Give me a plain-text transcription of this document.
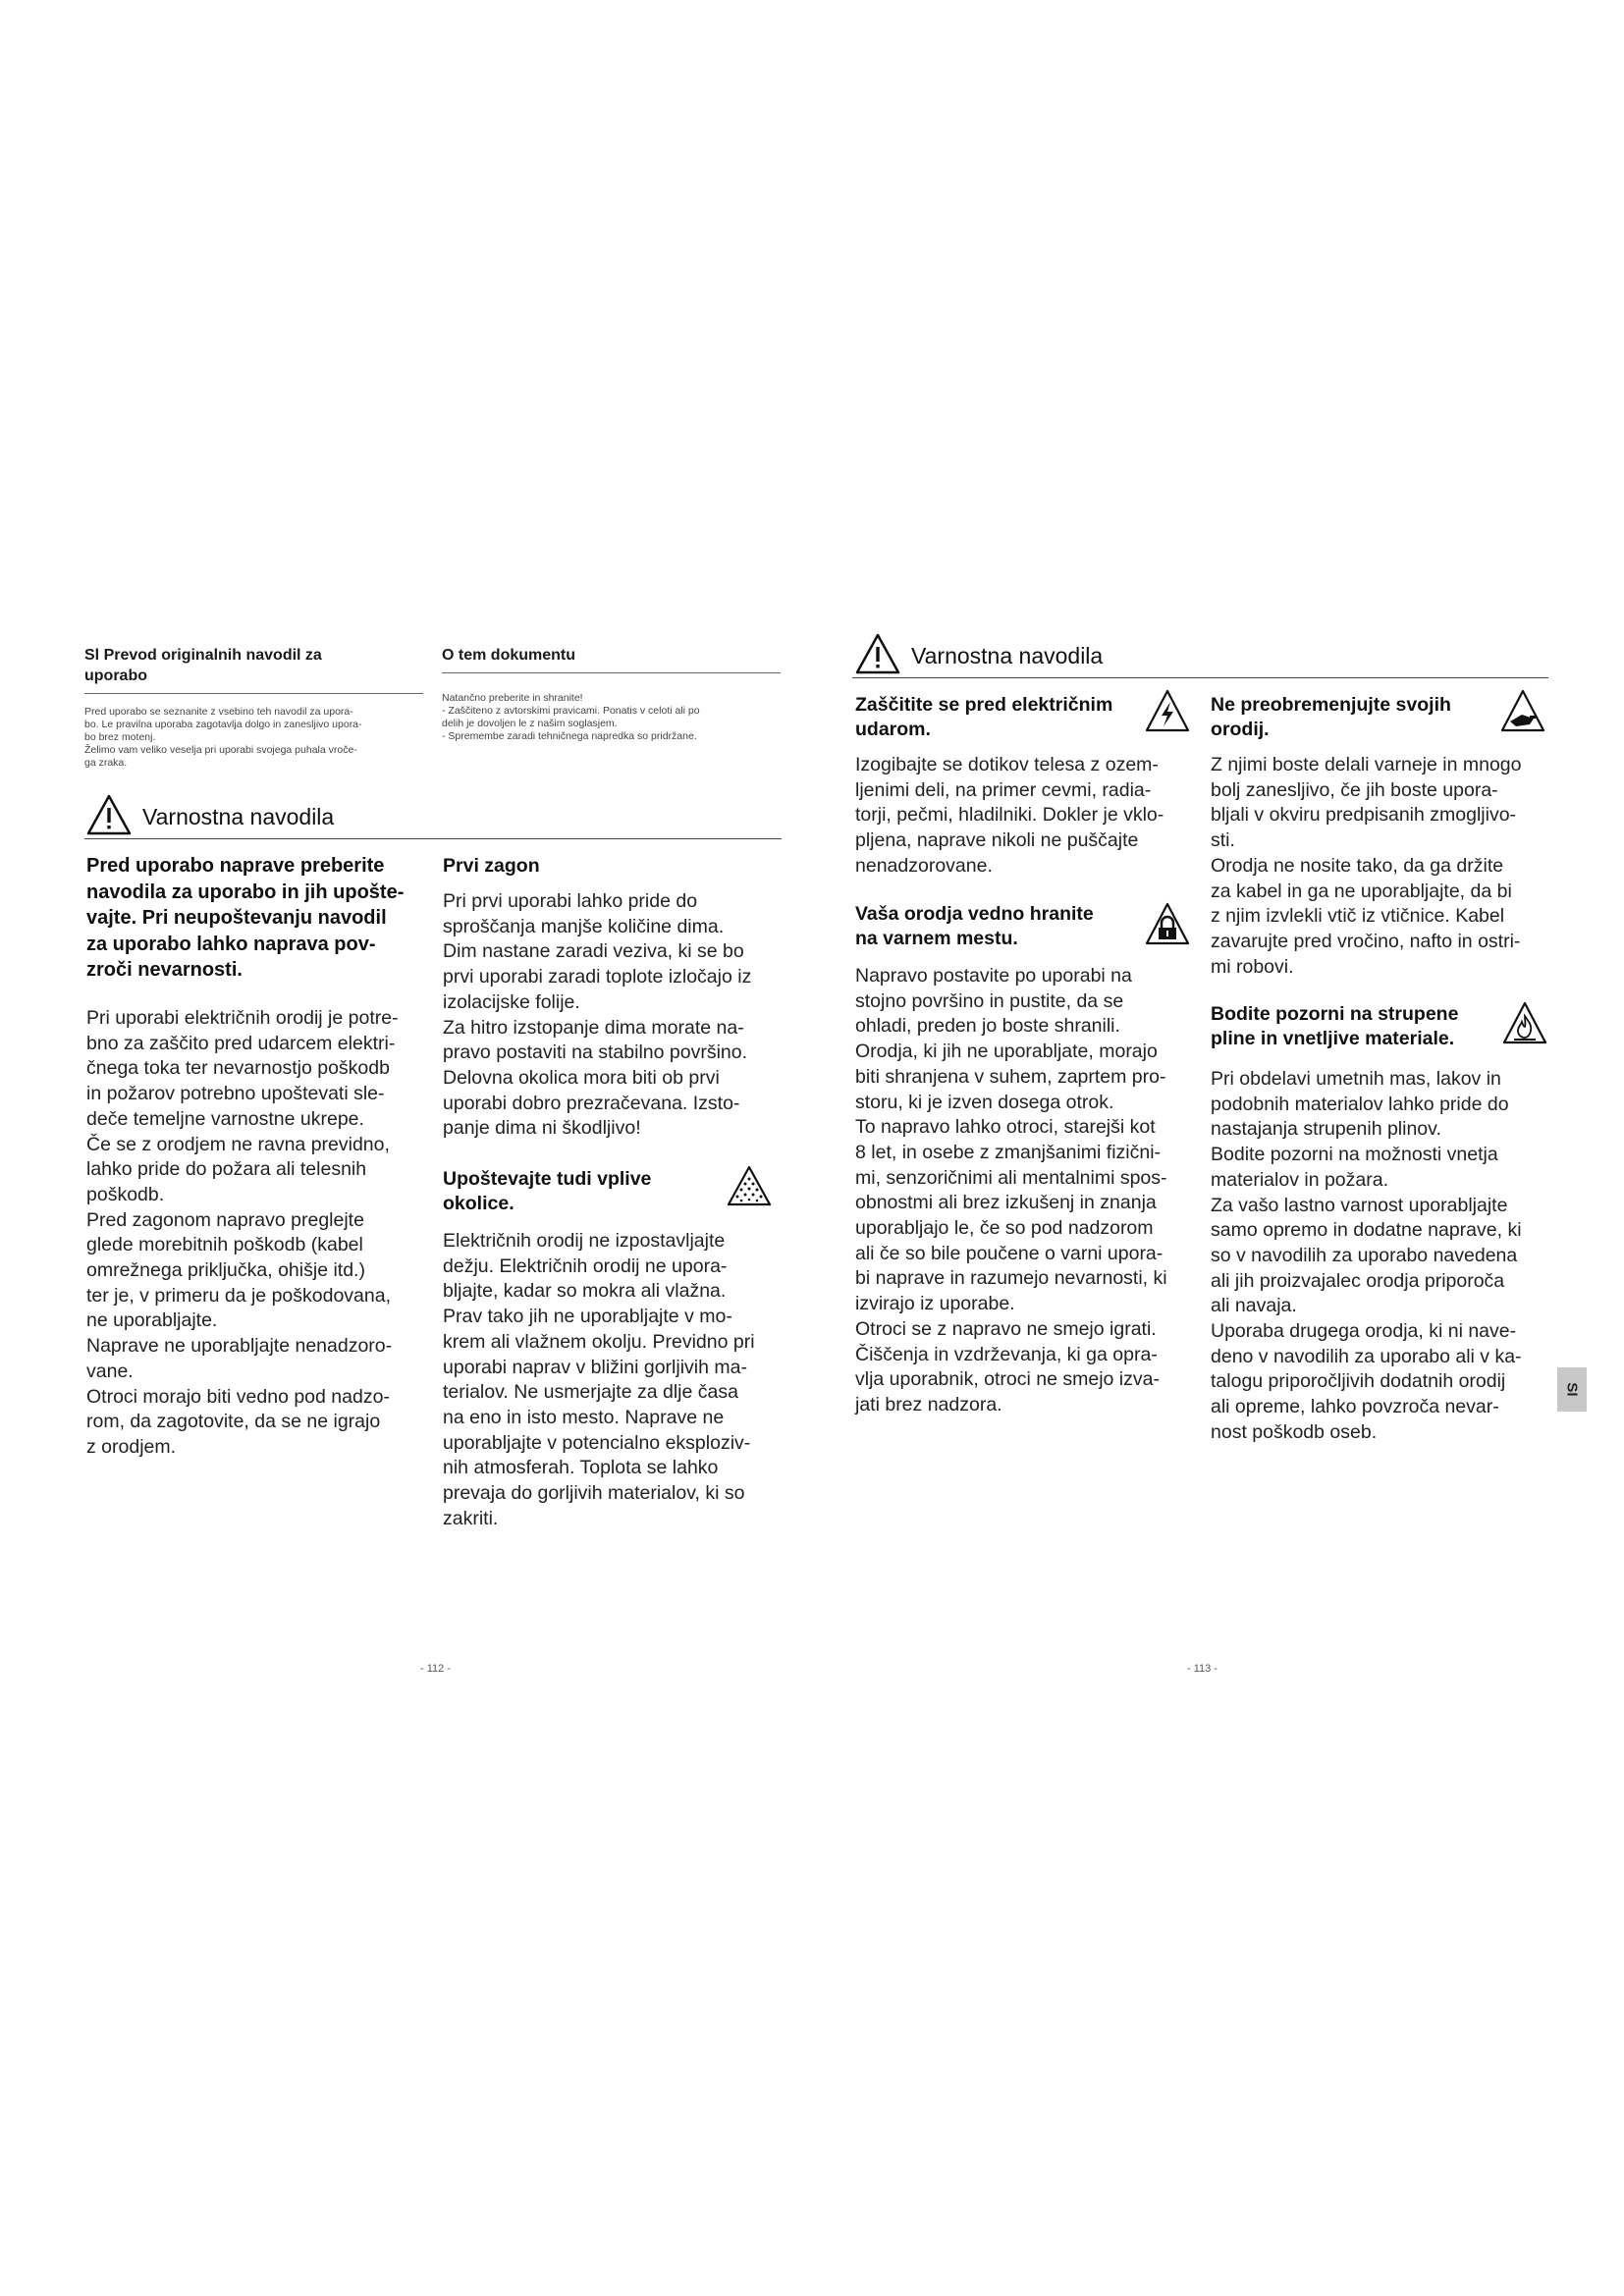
Sl Prevod originalnih navodil za
uporabo

Pred uporabo se seznanite z vsebino teh navodil za upora-
bo. Le pravilna uporaba zagotavlja dolgo in zanesljivo upora-
bo brez motenj.
Želimo vam veliko veselja pri uporabi svojega puhala vroče-
ga zraka.

O tem dokumentu

Natančno preberite in shranite!
- Zaščiteno z avtorskimi pravicami. Ponatis v celoti ali po
delih je dovoljen le z našim soglasjem.
- Spremembe zaradi tehničnega napredka so pridržane.

Varnostna navodila

Pred uporabo naprave preberite
navodila za uporabo in jih upošte-
vajte. Pri neupoštevanju navodil
za uporabo lahko naprava pov-
zroči nevarnosti.

Pri uporabi električnih orodij je potre-
bno za zaščito pred udarcem elektri-
čnega toka ter nevarnostjo poškodb
in požarov potrebno upoštevati sle-
deče temeljne varnostne ukrepe.
Če se z orodjem ne ravna previdno,
lahko pride do požara ali telesnih
poškodb.
Pred zagonom napravo preglejte
glede morebitnih poškodb (kabel
omrežnega priključka, ohišje itd.)
ter je, v primeru da je poškodovana,
ne uporabljajte.
Naprave ne uporabljajte nenadzoro-
vane.
Otroci morajo biti vedno pod nadzo-
rom, da zagotovite, da se ne igrajo
z orodjem.

Prvi zagon

Pri prvi uporabi lahko pride do
sproščanja manjše količine dima.
Dim nastane zaradi veziva, ki se bo
prvi uporabi zaradi toplote izločajo iz
izolacijske folije.
Za hitro izstopanje dima morate na-
pravo postaviti na stabilno površino.
Delovna okolica mora biti ob prvi
uporabi dobro prezračevana. Izsto-
panje dima ni škodljivo!

Upoštevajte tudi vplive
okolice.

Električnih orodij ne izpostavljajte
dežju. Električnih orodij ne upora-
bljajte, kadar so mokra ali vlažna.
Prav tako jih ne uporabljajte v mo-
krem ali vlažnem okolju. Previdno pri
uporabi naprav v bližini gorljivih ma-
terialov. Ne usmerjajte za dlje časa
na eno in isto mesto. Naprave ne
uporabljajte v potencialno eksploziv-
nih atmosferah. Toplota se lahko
prevaja do gorljivih materialov, ki so
zakriti.

- 112 -

Varnostna navodila

Zaščitite se pred električnim
udarom.

Izogibajte se dotikov telesa z ozem-
ljenimi deli, na primer cevmi, radia-
torji, pečmi, hladilniki. Dokler je vklo-
pljena, naprave nikoli ne puščajte
nenadzorovane.

Vaša orodja vedno hranite
na varnem mestu.

Napravo postavite po uporabi na
stojno površino in pustite, da se
ohladi, preden jo boste shranili.
Orodja, ki jih ne uporabljate, morajo
biti shranjena v suhem, zaprtem pro-
storu, ki je izven dosega otrok.
To napravo lahko otroci, starejši kot
8 let, in osebe z zmanjšanimi fizični-
mi, senzoričnimi ali mentalnimi spos-
obnostmi ali brez izkušenj in znanja
uporabljajo le, če so pod nadzorom
ali če so bile poučene o varni upora-
bi naprave in razumejo nevarnosti, ki
izvirajo iz uporabe.
Otroci se z napravo ne smejo igrati.
Čiščenja in vzdrževanja, ki ga opra-
vlja uporabnik, otroci ne smejo izva-
jati brez nadzora.

Ne preobremenjujte svojih
orodij.

Z njimi boste delali varneje in mnogo
bolj zanesljivo, če jih boste upora-
bljali v okviru predpisanih zmogljivo-
sti.
Orodja ne nosite tako, da ga držite
za kabel in ga ne uporabljajte, da bi
z njim izvlekli vtič iz vtičnice. Kabel
zavarujte pred vročino, nafto in ostri-
mi robovi.

Bodite pozorni na strupene
pline in vnetljive materiale.

Pri obdelavi umetnih mas, lakov in
podobnih materialov lahko pride do
nastajanja strupenih plinov.
Bodite pozorni na možnosti vnetja
materialov in požara.
Za vašo lastno varnost uporabljajte
samo opremo in dodatne naprave, ki
so v navodilih za uporabo navedena
ali jih proizvajalec orodja priporoča
ali navaja.
Uporaba drugega orodja, ki ni nave-
deno v navodilih za uporabo ali v ka-
talogu priporočljivih dodatnih orodij
ali opreme, lahko povzroča nevar-
nost poškodb oseb.

SI

- 113 -
